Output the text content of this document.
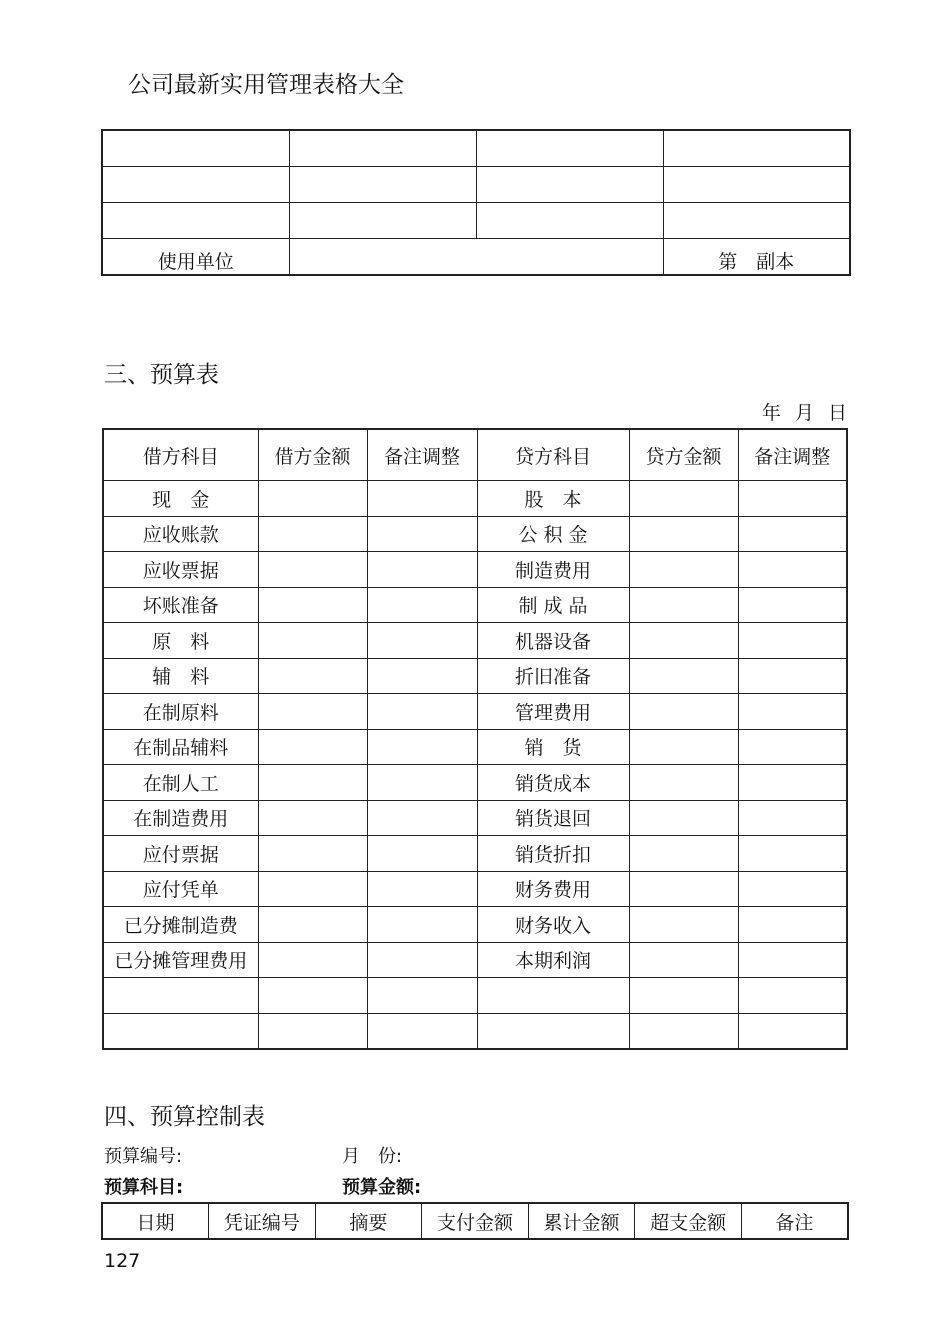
公司最新实用管理表格大全

使用单位			第　副本
三、预算表
年 月 日
借方科目	借方金额	备注调整	贷方科目	贷方金额	备注调整
现　金			股　本		
应收账款			公 积 金		
应收票据			制造费用		
坏账准备			制 成 品		
原　料			机器设备		
辅　料			折旧准备		
在制原料			管理费用		
在制品辅料			销　货		
在制人工			销货成本		
在制造费用			销货退回		
应付票据			销货折扣		
应付凭单			财务费用		
已分摊制造费			财务收入		
已分摊管理费用			本期利润		

四、预算控制表
预算编号:	月　份:
预算科目:	预算金额:
日期	凭证编号	摘要	支付金额	累计金额	超支金额	备注
127
